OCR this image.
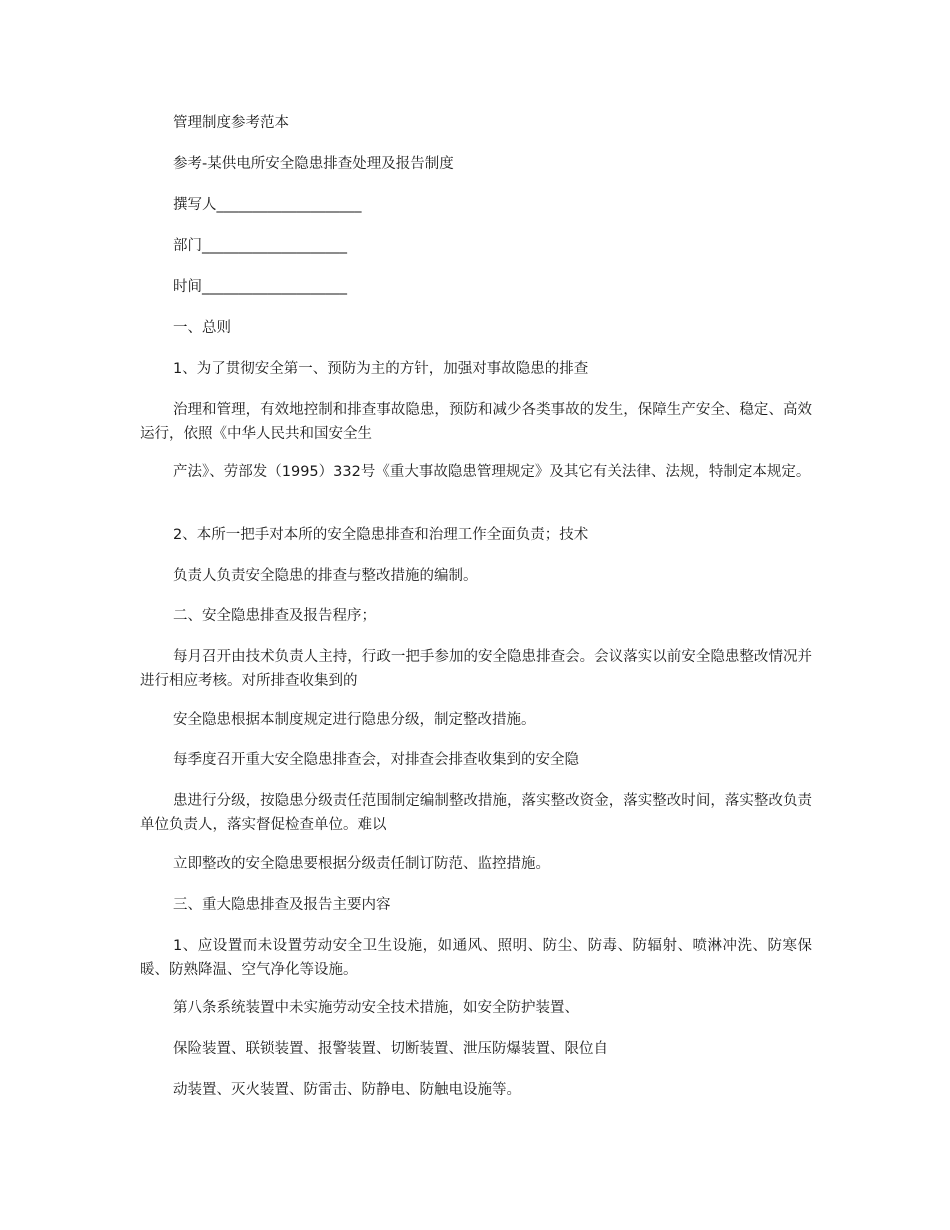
管理制度参考范本
参考-某供电所安全隐患排查处理及报告制度
撰写人____________________
部门____________________
时间____________________
一、总则
1、为了贯彻安全第一、预防为主的方针，加强对事故隐患的排查
治理和管理，有效地控制和排查事故隐患，预防和减少各类事故的发生，保障生产安全、稳定、高效运行，依照《中华人民共和国安全生
产法》、劳部发（1995）332号《重大事故隐患管理规定》及其它有关法律、法规，特制定本规定。
2、本所一把手对本所的安全隐患排查和治理工作全面负责；技术
负责人负责安全隐患的排查与整改措施的编制。
二、安全隐患排查及报告程序；
每月召开由技术负责人主持，行政一把手参加的安全隐患排查会。会议落实以前安全隐患整改情况并进行相应考核。对所排查收集到的
安全隐患根据本制度规定进行隐患分级，制定整改措施。
每季度召开重大安全隐患排查会，对排查会排查收集到的安全隐
患进行分级，按隐患分级责任范围制定编制整改措施，落实整改资金，落实整改时间，落实整改负责单位负责人，落实督促检查单位。难以
立即整改的安全隐患要根据分级责任制订防范、监控措施。
三、重大隐患排查及报告主要内容
1、应设置而未设置劳动安全卫生设施，如通风、照明、防尘、防毒、防辐射、喷淋冲洗、防寒保暖、防熟降温、空气净化等设施。
第八条系统装置中未实施劳动安全技术措施，如安全防护装置、
保险装置、联锁装置、报警装置、切断装置、泄压防爆装置、限位自
动装置、灭火装置、防雷击、防静电、防触电设施等。
